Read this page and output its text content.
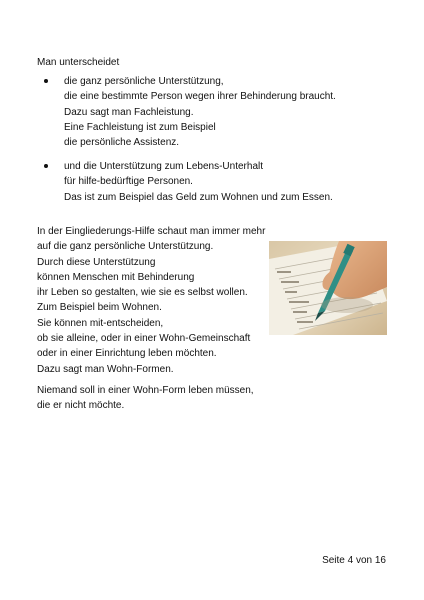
Man unterscheidet
die ganz persönliche Unterstützung,
die eine bestimmte Person wegen ihrer Behinderung braucht.
Dazu sagt man Fachleistung.
Eine Fachleistung ist zum Beispiel
die persönliche Assistenz.
und die Unterstützung zum Lebens-Unterhalt
für hilfe-bedürftige Personen.
Das ist zum Beispiel das Geld zum Wohnen und zum Essen.
In der Eingliederungs-Hilfe schaut man immer mehr
auf die ganz persönliche Unterstützung.
Durch diese Unterstützung
können Menschen mit Behinderung
ihr Leben so gestalten, wie sie es selbst wollen.
Zum Beispiel beim Wohnen.
Sie können mit-entscheiden,
ob sie alleine, oder in einer Wohn-Gemeinschaft
oder in einer Einrichtung leben möchten.
Dazu sagt man Wohn-Formen.
Niemand soll in einer Wohn-Form leben müssen,
die er nicht möchte.
Seite 4 von 16
